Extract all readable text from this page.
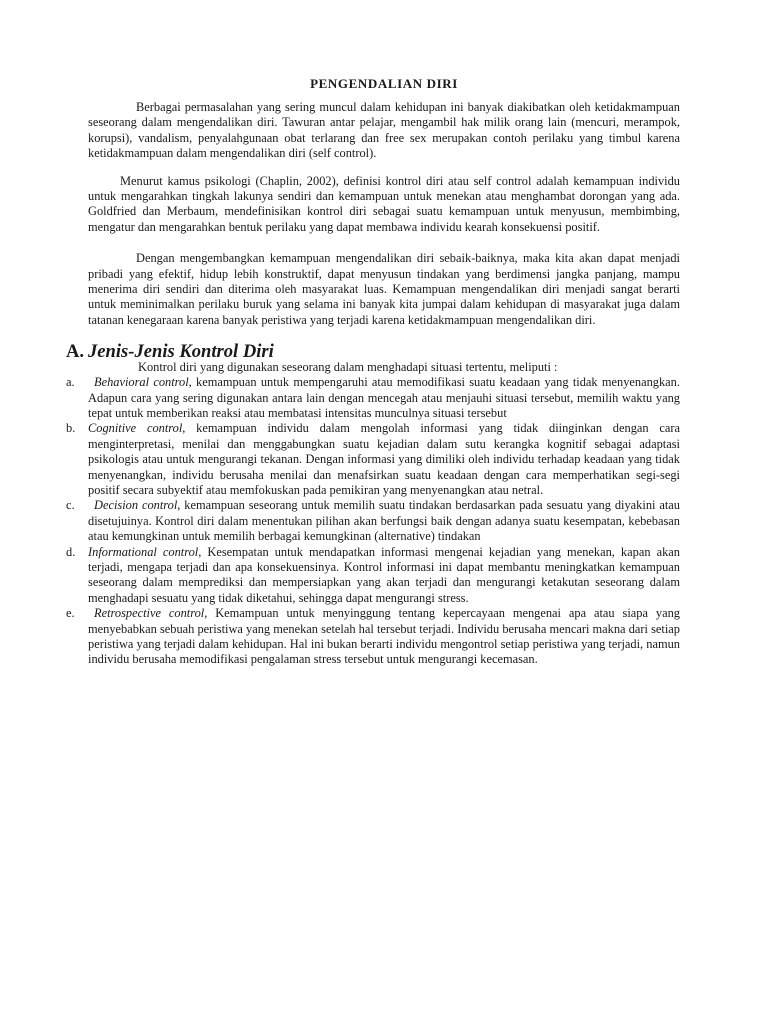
PENGENDALIAN DIRI

Berbagai permasalahan yang sering muncul dalam kehidupan ini banyak diakibatkan oleh ketidakmampuan seseorang dalam mengendalikan diri. Tawuran antar pelajar, mengambil hak milik orang lain (mencuri, merampok, korupsi), vandalism, penyalahgunaan obat terlarang dan free sex merupakan contoh perilaku yang timbul karena ketidakmampuan dalam mengendalikan diri (self control).

Menurut kamus psikologi (Chaplin, 2002), definisi kontrol diri atau self control adalah kemampuan individu untuk mengarahkan tingkah lakunya sendiri dan kemampuan untuk menekan atau menghambat dorongan yang ada. Goldfried dan Merbaum, mendefinisikan kontrol diri sebagai suatu kemampuan untuk menyusun, membimbing, mengatur dan mengarahkan bentuk perilaku yang dapat membawa individu kearah konsekuensi positif.

Dengan mengembangkan kemampuan mengendalikan diri sebaik-baiknya, maka kita akan dapat menjadi pribadi yang efektif, hidup lebih konstruktif, dapat menyusun tindakan yang berdimensi jangka panjang, mampu menerima diri sendiri dan diterima oleh masyarakat luas. Kemampuan mengendalikan diri menjadi sangat berarti untuk meminimalkan perilaku buruk yang selama ini banyak kita jumpai dalam kehidupan di masyarakat juga dalam tatanan kenegaraan karena banyak peristiwa yang terjadi karena ketidakmampuan mengendalikan diri.

A. Jenis-Jenis Kontrol Diri

Kontrol diri yang digunakan seseorang dalam menghadapi situasi tertentu, meliputi :

a. Behavioral control, kemampuan untuk mempengaruhi atau memodifikasi suatu keadaan yang tidak menyenangkan. Adapun cara yang sering digunakan antara lain dengan mencegah atau menjauhi situasi tersebut, memilih waktu yang tepat untuk memberikan reaksi atau membatasi intensitas munculnya situasi tersebut
b. Cognitive control, kemampuan individu dalam mengolah informasi yang tidak diinginkan dengan cara menginterpretasi, menilai dan menggabungkan suatu kejadian dalam sutu kerangka kognitif sebagai adaptasi psikologis atau untuk mengurangi tekanan. Dengan informasi yang dimiliki oleh individu terhadap keadaan yang tidak menyenangkan, individu berusaha menilai dan menafsirkan suatu keadaan dengan cara memperhatikan segi-segi positif secara subyektif atau memfokuskan pada pemikiran yang menyenangkan atau netral.
c. Decision control, kemampuan seseorang untuk memilih suatu tindakan berdasarkan pada sesuatu yang diyakini atau disetujuinya. Kontrol diri dalam menentukan pilihan akan berfungsi baik dengan adanya suatu kesempatan, kebebasan atau kemungkinan untuk memilih berbagai kemungkinan (alternative) tindakan
d. Informational control, Kesempatan untuk mendapatkan informasi mengenai kejadian yang menekan, kapan akan terjadi, mengapa terjadi dan apa konsekuensinya. Kontrol informasi ini dapat membantu meningkatkan kemampuan seseorang dalam memprediksi dan mempersiapkan yang akan terjadi dan mengurangi ketakutan seseorang dalam menghadapi sesuatu yang tidak diketahui, sehingga dapat mengurangi stress.
e. Retrospective control, Kemampuan untuk menyinggung tentang kepercayaan mengenai apa atau siapa yang menyebabkan sebuah peristiwa yang menekan setelah hal tersebut terjadi. Individu berusaha mencari makna dari setiap peristiwa yang terjadi dalam kehidupan. Hal ini bukan berarti individu mengontrol setiap peristiwa yang terjadi, namun individu berusaha memodifikasi pengalaman stress tersebut untuk mengurangi kecemasan.
